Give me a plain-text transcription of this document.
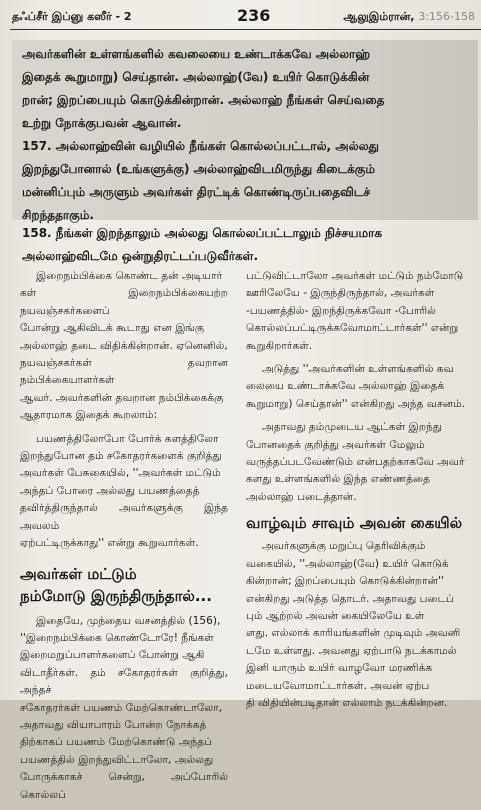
தஃப்சீர் இப்னு கஸீர் - 2	236	ஆலுஇம்ரான், 3:156-158
அவர்களின் உள்ளங்களில் கவலையை உண்டாக்கவே அல்லாஹ்
இதைக் கூறுமாறு) செய்தான். அல்லாஹ்(வே) உயிர் கொடுக்கின்
றான்; இறப்பையும் கொடுக்கின்றான். அல்லாஹ் நீங்கள் செய்வதை
உற்று நோக்குபவன் ஆவான்.
157. அல்லாஹ்வின் வழியில் நீங்கள் கொல்லப்பட்டால், அல்லது
இறந்துபோனால் (உங்களுக்கு) அல்லாஹ்விடமிருந்து கிடைக்கும்
மன்னிப்பும் அருளும் அவர்கள் திரட்டிக் கொண்டிருப்பதைவிடச்
சிறந்ததாகும்.
158. நீங்கள் இறந்தாலும் அல்லது கொல்லப்பட்டாலும் நிச்சயமாக
அல்லாஹ்விடமே ஒன்றுதிரட்டப்படுவீர்கள்.

இறைநம்பிக்கை கொண்ட தன் அடியார்
கள் இறைநம்பிக்கையற்ற நயவஞ்சகர்களைப்
போன்று ஆகிவிடக் கூடாது என இங்கு
அல்லாஹ் தடை விதிக்கின்றான். ஏனெனில்,
நயவஞ்சகர்கள் தவறான நம்பிக்கையாளர்கள்
ஆவர். அவர்களின் தவறான நம்பிக்கைக்கு
ஆதாரமாக இதைக் கூறலாம்:

பயணத்திலோபோ போர்க் களத்திலோ
இறந்துபோன தம் சகோதரர்களைக் குறித்து
அவர்கள் பேசுகையில், ''அவர்கள் மட்டும்
அந்தப் போரை அல்லது பயணத்தைத்
தவிர்த்திருந்தால் அவர்களுக்கு இந்த அவலம்
ஏற்பட்டிருக்காது'' என்று கூறுவார்கள்.

அவர்கள் மட்டும்
நம்மோடு இருந்திருந்தால்...

இதையே, முந்தைய வசனத்தில் (156),
''இறைநம்பிக்கை கொண்டோரே! நீங்கள்
இறைமறுப்பாளர்களைப் போன்று ஆகி
விடாதீர்கள். தம் சகோதரர்கள் குறித்து, அந்தச்
சகோதரர்கள் பயணம் மேற்கொண்டாலோ,
அதாவது வியாபாரம் போன்ற நோக்கத்
திற்காகப் பயணம் மேற்கொண்டு அந்தப்
பயணத்தில் இறந்துவிட்டாலோ, அல்லது
போருக்காகச் சென்று, அப்போரில் கொல்லப்

பட்டுவிட்டாலோ அவர்கள் மட்டும் நம்மோடு
ஊரிலேயே - இருந்திருந்தால், அவர்கள்
-பயணத்தில்- இறந்திருக்கவோ -போரில்
கொல்லப்பட்டிருக்கவோமாட்டார்கள்'' என்று
கூறுகிறார்கள்.

அடுத்து ''அவர்களின் உள்ளங்களில் கவ
லையை உண்டாக்கவே அல்லாஹ் இதைக்
கூறுமாறு) செய்தான்'' என்கிறது அந்த வசனம்.

அதாவது தம்முடைய ஆட்கள் இறந்து
போனதைக் குறித்து அவர்கள் மேலும்
வருத்தப்படவேண்டும் என்பதற்காகவே அவர்
களது உள்ளங்களில் இந்த எண்ணத்தை
அல்லாஹ் படைத்தான்.

வாழ்வும் சாவும் அவன் கையில்

அவர்களுக்கு மறுப்பு தெரிவிக்கும்
வகையில், ''அல்லாஹ்(வே) உயிர் கொடுக்
கின்றான்; இறப்பையும் கொடுக்கின்றான்''
என்கிறது அடுத்த தொடர். அதாவது படைப்
பும் ஆற்றல் அவன் கையிலேயே உள்
ளது. எல்லாக் காரியங்களின் முடிவும் அவனி
டமே உள்ளது. அவனது ஏற்பாடு நடக்காமல்
இனி யாரும் உயிர் வாழவோ மரணிக்க
மடையவோமாட்டார்கள். அவன் ஏற்ப
தி விதியின்படிதான் எல்லாம் நடக்கின்றன.
